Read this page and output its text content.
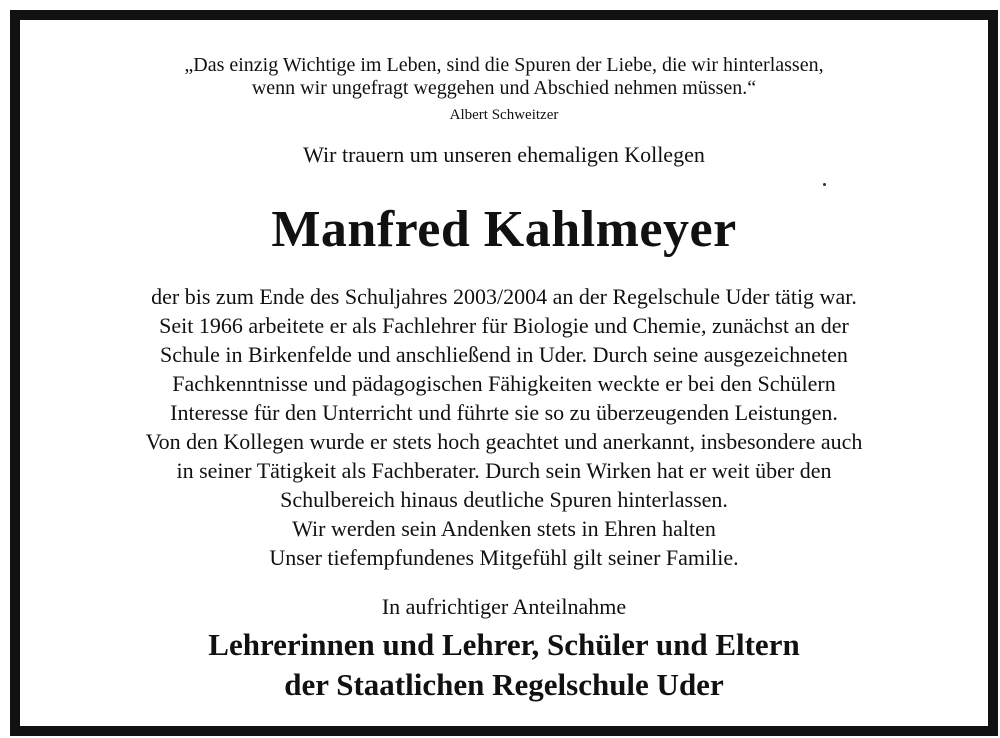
„Das einzig Wichtige im Leben, sind die Spuren der Liebe, die wir hinterlassen,
wenn wir ungefragt weggehen und Abschied nehmen müssen.“
Albert Schweitzer
Wir trauern um unseren ehemaligen Kollegen
Manfred Kahlmeyer
der bis zum Ende des Schuljahres 2003/2004 an der Regelschule Uder tätig war.
Seit 1966 arbeitete er als Fachlehrer für Biologie und Chemie, zunächst an der
Schule in Birkenfelde und anschließend in Uder. Durch seine ausgezeichneten
Fachkenntnisse und pädagogischen Fähigkeiten weckte er bei den Schülern
Interesse für den Unterricht und führte sie so zu überzeugenden Leistungen.
Von den Kollegen wurde er stets hoch geachtet und anerkannt, insbesondere auch
in seiner Tätigkeit als Fachberater. Durch sein Wirken hat er weit über den
Schulbereich hinaus deutliche Spuren hinterlassen.
Wir werden sein Andenken stets in Ehren halten
Unser tiefempfundenes Mitgefühl gilt seiner Familie.
In aufrichtiger Anteilnahme
Lehrerinnen und Lehrer, Schüler und Eltern
der Staatlichen Regelschule Uder
